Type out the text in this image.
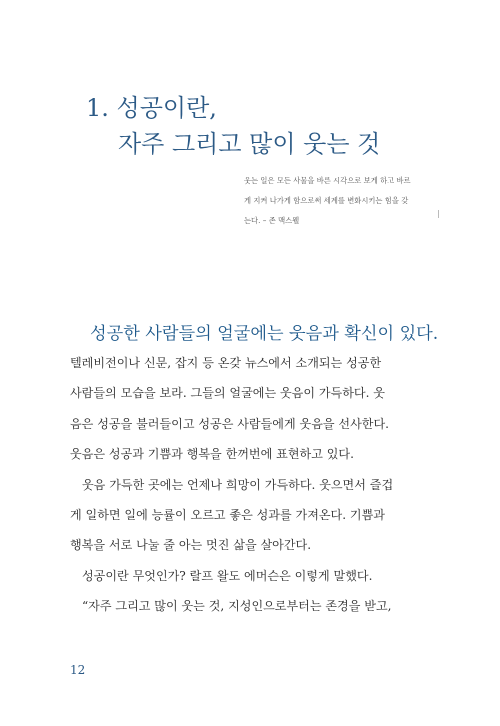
1. 성공이란,
자주 그리고 많이 웃는 것
웃는 일은 모든 사물을 바른 시각으로 보게 하고 바르
게 지켜 나가게 함으로써 세계를 변화시키는 힘을 갖
는다. – 존 맥스웰
성공한 사람들의 얼굴에는 웃음과 확신이 있다.
텔레비전이나 신문, 잡지 등 온갖 뉴스에서 소개되는 성공한
사람들의 모습을 보라. 그들의 얼굴에는 웃음이 가득하다. 웃
음은 성공을 불러들이고 성공은 사람들에게 웃음을 선사한다.
웃음은 성공과 기쁨과 행복을 한꺼번에 표현하고 있다.
웃음 가득한 곳에는 언제나 희망이 가득하다. 웃으면서 즐겁
게 일하면 일에 능률이 오르고 좋은 성과를 가져온다. 기쁨과
행복을 서로 나눌 줄 아는 멋진 삶을 살아간다.
성공이란 무엇인가? 랄프 왈도 에머슨은 이렇게 말했다.
“자주 그리고 많이 웃는 것, 지성인으로부터는 존경을 받고,
12
